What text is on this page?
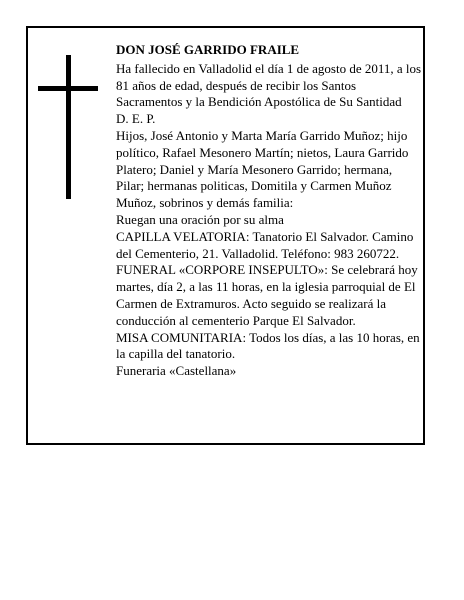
DON JOSÉ GARRIDO FRAILE

Ha fallecido en Valladolid el día 1 de agosto de 2011, a los 81 años de edad, después de recibir los Santos Sacramentos y la Bendición Apostólica de Su Santidad

D. E. P.

Hijos, José Antonio y Marta María Garrido Muñoz; hijo político, Rafael Mesonero Martín; nietos, Laura Garrido Platero; Daniel y María Mesonero Garrido; hermana, Pilar; hermanas politicas, Domitila y Carmen Muñoz Muñoz, sobrinos y demás familia:

Ruegan una oración por su alma

CAPILLA VELATORIA: Tanatorio El Salvador. Camino del Cementerio, 21. Valladolid. Teléfono: 983 260722.

FUNERAL «CORPORE INSEPULTO»: Se celebrará hoy martes, día 2, a las 11 horas, en la iglesia parroquial de El Carmen de Extramuros. Acto seguido se realizará la conducción al cementerio Parque El Salvador.

MISA COMUNITARIA: Todos los días, a las 10 horas, en la capilla del tanatorio.

Funeraria «Castellana»
